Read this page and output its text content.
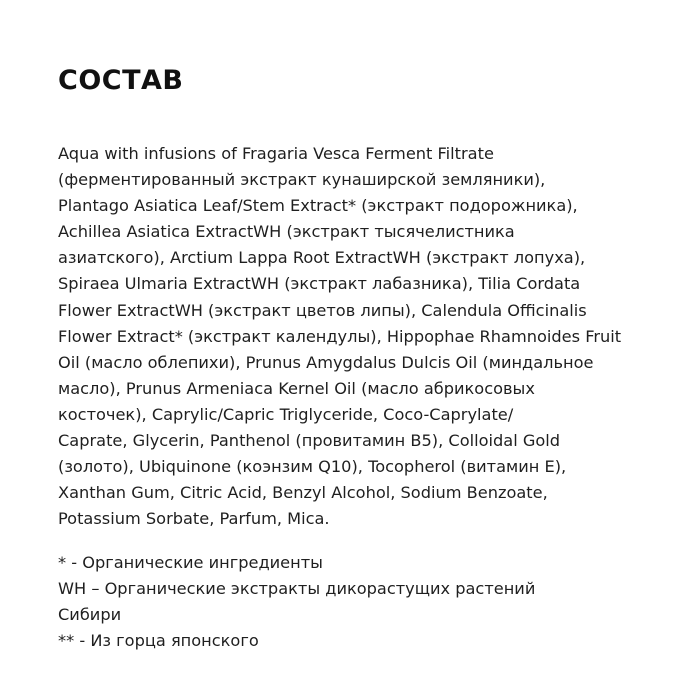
СОСТАВ
Aqua with infusions of Fragaria Vesca Ferment Filtrate
(ферментированный экстракт кунаширской земляники),
Plantago Asiatica Leaf/Stem Extract* (экстракт подорожника),
Achillea Asiatica ExtractWH (экстракт тысячелистника
азиатского), Arctium Lappa Root ExtractWH (экстракт лопуха),
Spiraea Ulmaria ExtractWH (экстракт лабазника), Tilia Cordata
Flower ExtractWH (экстракт цветов липы), Calendula Officinalis
Flower Extract* (экстракт календулы), Hippophae Rhamnoides Fruit
Oil (масло облепихи), Prunus Amygdalus Dulcis Oil (миндальное
масло), Prunus Armeniaca Kernel Oil (масло абрикосовых
косточек), Caprylic/Capric Triglyceride, Coco-Caprylate/
Caprate, Glycerin, Panthenol (провитамин B5), Colloidal Gold
(золото), Ubiquinone (коэнзим Q10), Tocopherol (витамин E),
Xanthan Gum, Citric Acid, Benzyl Alcohol, Sodium Benzoate,
Potassium Sorbate, Parfum, Mica.
* - Органические ингредиенты
WH – Органические экстракты дикорастущих растений
Сибири
** - Из горца японского
